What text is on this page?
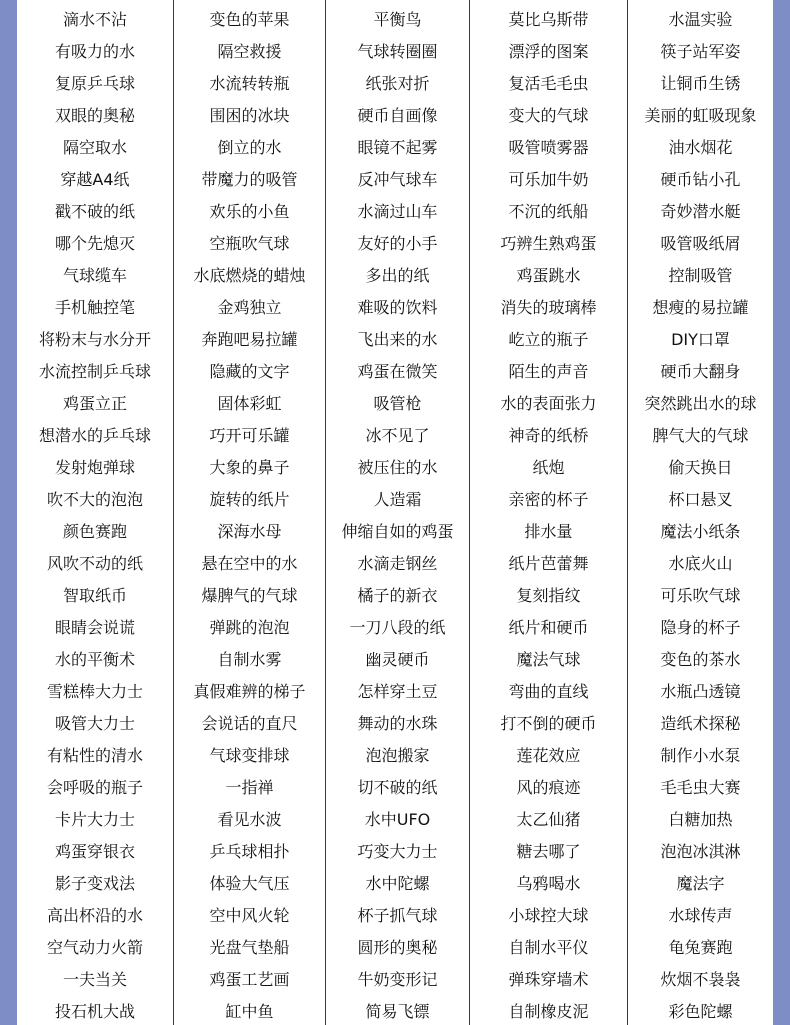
滴水不沾
有吸力的水
复原乒乓球
双眼的奥秘
隔空取水
穿越A4纸
戳不破的纸
哪个先熄灭
气球缆车
手机触控笔
将粉末与水分开
水流控制乒乓球
鸡蛋立正
想潜水的乒乓球
发射炮弹球
吹不大的泡泡
颜色赛跑
风吹不动的纸
智取纸币
眼睛会说谎
水的平衡术
雪糕棒大力士
吸管大力士
有粘性的清水
会呼吸的瓶子
卡片大力士
鸡蛋穿银衣
影子变戏法
高出杯沿的水
空气动力火箭
一夫当关
投石机大战
变色的苹果
隔空救援
水流转转瓶
围困的冰块
倒立的水
带魔力的吸管
欢乐的小鱼
空瓶吹气球
水底燃烧的蜡烛
金鸡独立
奔跑吧易拉罐
隐藏的文字
固体彩虹
巧开可乐罐
大象的鼻子
旋转的纸片
深海水母
悬在空中的水
爆脾气的气球
弹跳的泡泡
自制水雾
真假难辨的梯子
会说话的直尺
气球变排球
一指禅
看见水波
乒乓球相扑
体验大气压
空中风火轮
光盘气垫船
鸡蛋工艺画
缸中鱼
平衡鸟
气球转圈圈
纸张对折
硬币自画像
眼镜不起雾
反冲气球车
水滴过山车
友好的小手
多出的纸
难吸的饮料
飞出来的水
鸡蛋在微笑
吸管枪
冰不见了
被压住的水
人造霜
伸缩自如的鸡蛋
水滴走钢丝
橘子的新衣
一刀八段的纸
幽灵硬币
怎样穿土豆
舞动的水珠
泡泡搬家
切不破的纸
水中UFO
巧变大力士
水中陀螺
杯子抓气球
圆形的奥秘
牛奶变形记
简易飞镖
莫比乌斯带
漂浮的图案
复活毛毛虫
变大的气球
吸管喷雾器
可乐加牛奶
不沉的纸船
巧辨生熟鸡蛋
鸡蛋跳水
消失的玻璃棒
屹立的瓶子
陌生的声音
水的表面张力
神奇的纸桥
纸炮
亲密的杯子
排水量
纸片芭蕾舞
复刻指纹
纸片和硬币
魔法气球
弯曲的直线
打不倒的硬币
莲花效应
风的痕迹
太乙仙猪
糖去哪了
乌鸦喝水
小球控大球
自制水平仪
弹珠穿墙术
自制橡皮泥
水温实验
筷子站军姿
让铜币生锈
美丽的虹吸现象
油水烟花
硬币钻小孔
奇妙潜水艇
吸管吸纸屑
控制吸管
想瘦的易拉罐
DIY口罩
硬币大翻身
突然跳出水的球
脾气大的气球
偷天换日
杯口悬叉
魔法小纸条
水底火山
可乐吹气球
隐身的杯子
变色的茶水
水瓶凸透镜
造纸术探秘
制作小水泵
毛毛虫大赛
白糖加热
泡泡冰淇淋
魔法字
水球传声
龟兔赛跑
炊烟不袅袅
彩色陀螺
